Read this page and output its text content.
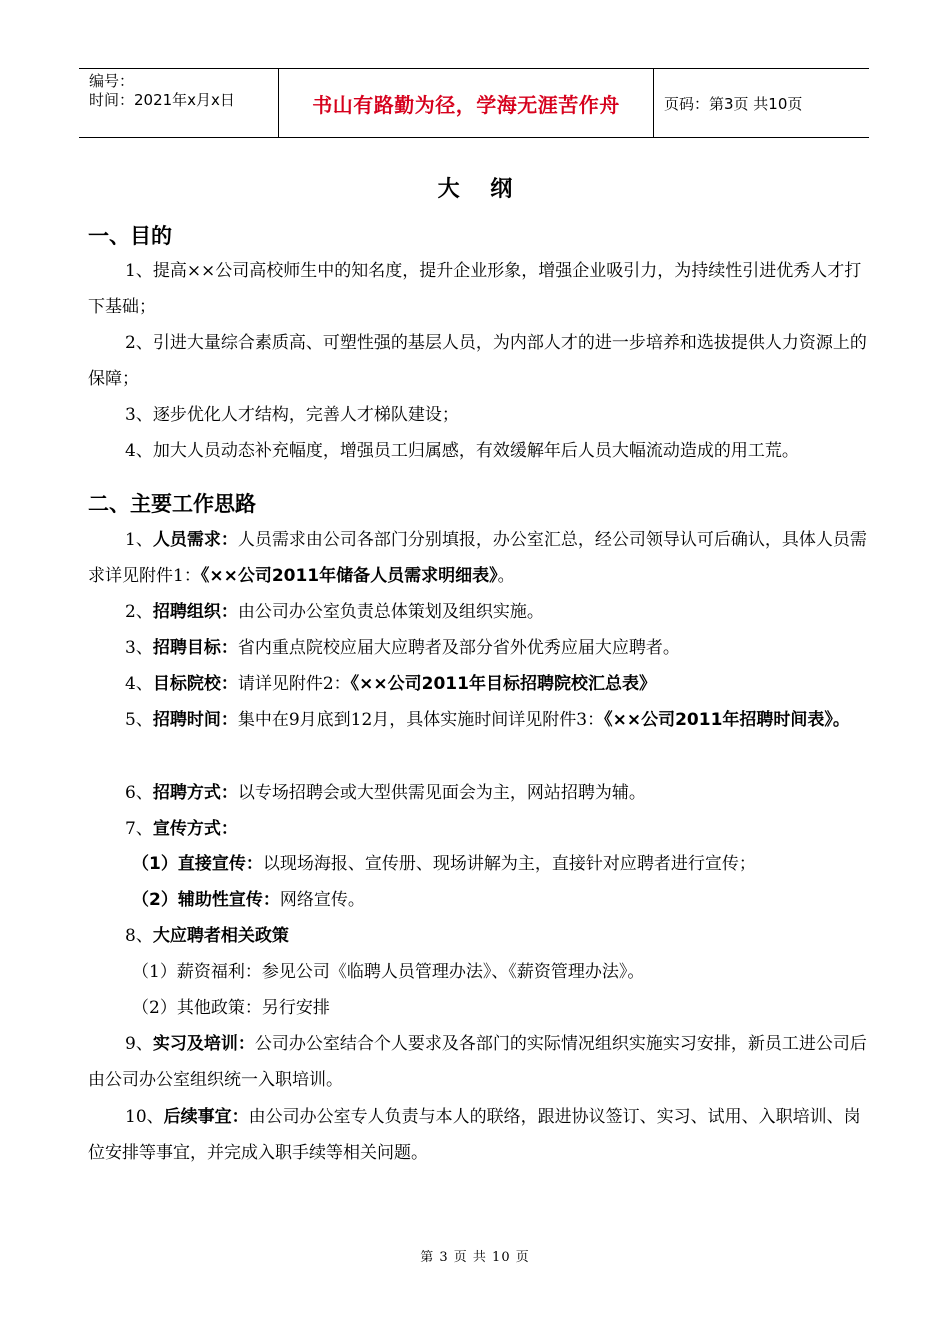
编号：
时间：2021年x月x日	书山有路勤为径，学海无涯苦作舟	页码：第3页 共10页
大    纲
一、目的

1、提高××公司高校师生中的知名度，提升企业形象，增强企业吸引力，为持续性引进优秀人才打下基础；

2、引进大量综合素质高、可塑性强的基层人员，为内部人才的进一步培养和选拔提供人力资源上的保障；

3、逐步优化人才结构，完善人才梯队建设；

4、加大人员动态补充幅度，增强员工归属感，有效缓解年后人员大幅流动造成的用工荒。

二、主要工作思路

1、人员需求：人员需求由公司各部门分别填报，办公室汇总，经公司领导认可后确认，具体人员需求详见附件1：《××公司2011年储备人员需求明细表》。

2、招聘组织：由公司办公室负责总体策划及组织实施。

3、招聘目标：省内重点院校应届大应聘者及部分省外优秀应届大应聘者。

4、目标院校：请详见附件2：《××公司2011年目标招聘院校汇总表》

5、招聘时间：集中在9月底到12月，具体实施时间详见附件3：《××公司2011年招聘时间表》。

6、招聘方式：以专场招聘会或大型供需见面会为主，网站招聘为辅。

7、宣传方式：

（1）直接宣传：以现场海报、宣传册、现场讲解为主，直接针对应聘者进行宣传；

（2）辅助性宣传：网络宣传。

8、大应聘者相关政策

（1）薪资福利：参见公司《临聘人员管理办法》、《薪资管理办法》。

（2）其他政策：另行安排

9、实习及培训：公司办公室结合个人要求及各部门的实际情况组织实施实习安排，新员工进公司后由公司办公室组织统一入职培训。

10、后续事宜：由公司办公室专人负责与本人的联络，跟进协议签订、实习、试用、入职培训、岗位安排等事宜，并完成入职手续等相关问题。

第 3 页 共 10 页
